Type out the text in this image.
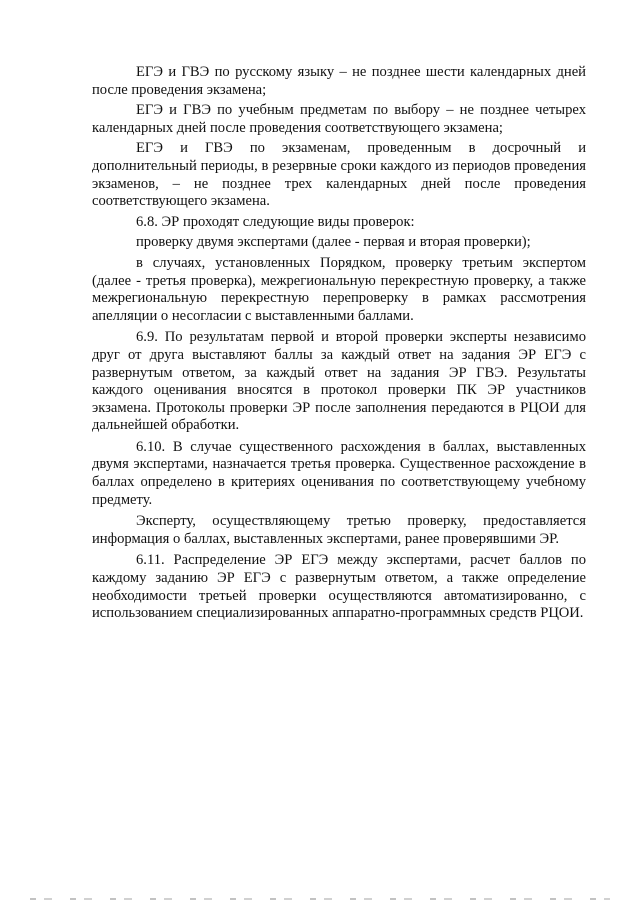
ЕГЭ и ГВЭ по русскому языку – не позднее шести календарных дней после проведения экзамена;

ЕГЭ и ГВЭ по учебным предметам по выбору – не позднее четырех календарных дней после проведения соответствующего экзамена;

ЕГЭ и ГВЭ по экзаменам, проведенным в досрочный и дополнительный периоды, в резервные сроки каждого из периодов проведения экзаменов, – не позднее трех календарных дней после проведения соответствующего экзамена.

6.8. ЭР проходят следующие виды проверок:

проверку двумя экспертами (далее - первая и вторая проверки);

в случаях, установленных Порядком, проверку третьим экспертом (далее - третья проверка), межрегиональную перекрестную проверку, а также межрегиональную перекрестную перепроверку в рамках рассмотрения апелляции о несогласии с выставленными баллами.

6.9. По результатам первой и второй проверки эксперты независимо друг от друга выставляют баллы за каждый ответ на задания ЭР ЕГЭ с развернутым ответом, за каждый ответ на задания ЭР ГВЭ. Результаты каждого оценивания вносятся в протокол проверки ПК ЭР участников экзамена. Протоколы проверки ЭР после заполнения передаются в РЦОИ для дальнейшей обработки.

6.10. В случае существенного расхождения в баллах, выставленных двумя экспертами, назначается третья проверка. Существенное расхождение в баллах определено в критериях оценивания по соответствующему учебному предмету.

Эксперту, осуществляющему третью проверку, предоставляется информация о баллах, выставленных экспертами, ранее проверявшими ЭР.

6.11. Распределение ЭР ЕГЭ между экспертами, расчет баллов по каждому заданию ЭР ЕГЭ с развернутым ответом, а также определение необходимости третьей проверки осуществляются автоматизированно, с использованием специализированных аппаратно-программных средств РЦОИ.
